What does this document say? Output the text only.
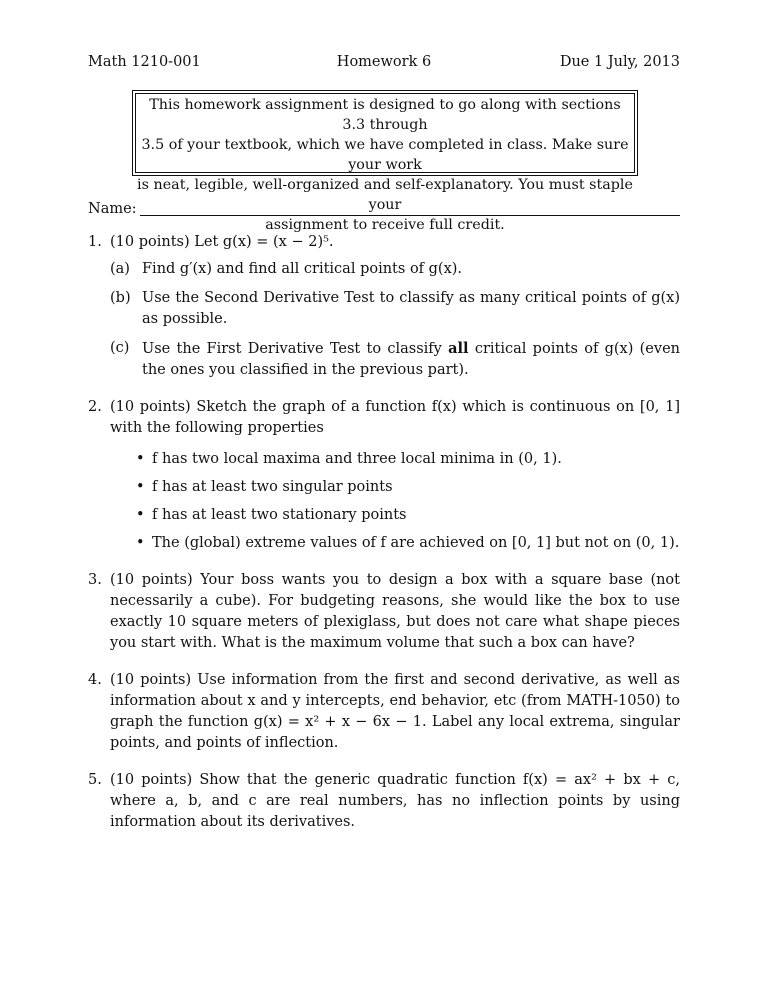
Math 1210-001	Homework 6	Due 1 July, 2013
This homework assignment is designed to go along with sections 3.3 through
3.5 of your textbook, which we have completed in class. Make sure your work
is neat, legible, well-organized and self-explanatory. You must staple your
assignment to receive full credit.
Name:
1. (10 points) Let g(x) = (x − 2)⁵.
(a) Find g′(x) and find all critical points of g(x).
(b) Use the Second Derivative Test to classify as many critical points of g(x) as possible.
(c) Use the First Derivative Test to classify all critical points of g(x) (even the ones you classified in the previous part).
2. (10 points) Sketch the graph of a function f(x) which is continuous on [0, 1] with the following properties
• f has two local maxima and three local minima in (0, 1).
• f has at least two singular points
• f has at least two stationary points
• The (global) extreme values of f are achieved on [0, 1] but not on (0, 1).
3. (10 points) Your boss wants you to design a box with a square base (not necessarily a cube). For budgeting reasons, she would like the box to use exactly 10 square meters of plexiglass, but does not care what shape pieces you start with. What is the maximum volume that such a box can have?
4. (10 points) Use information from the first and second derivative, as well as information about x and y intercepts, end behavior, etc (from MATH-1050) to graph the function g(x) = x² + x − 6x − 1. Label any local extrema, singular points, and points of inflection.
5. (10 points) Show that the generic quadratic function f(x) = ax² + bx + c, where a, b, and c are real numbers, has no inflection points by using information about its derivatives.
